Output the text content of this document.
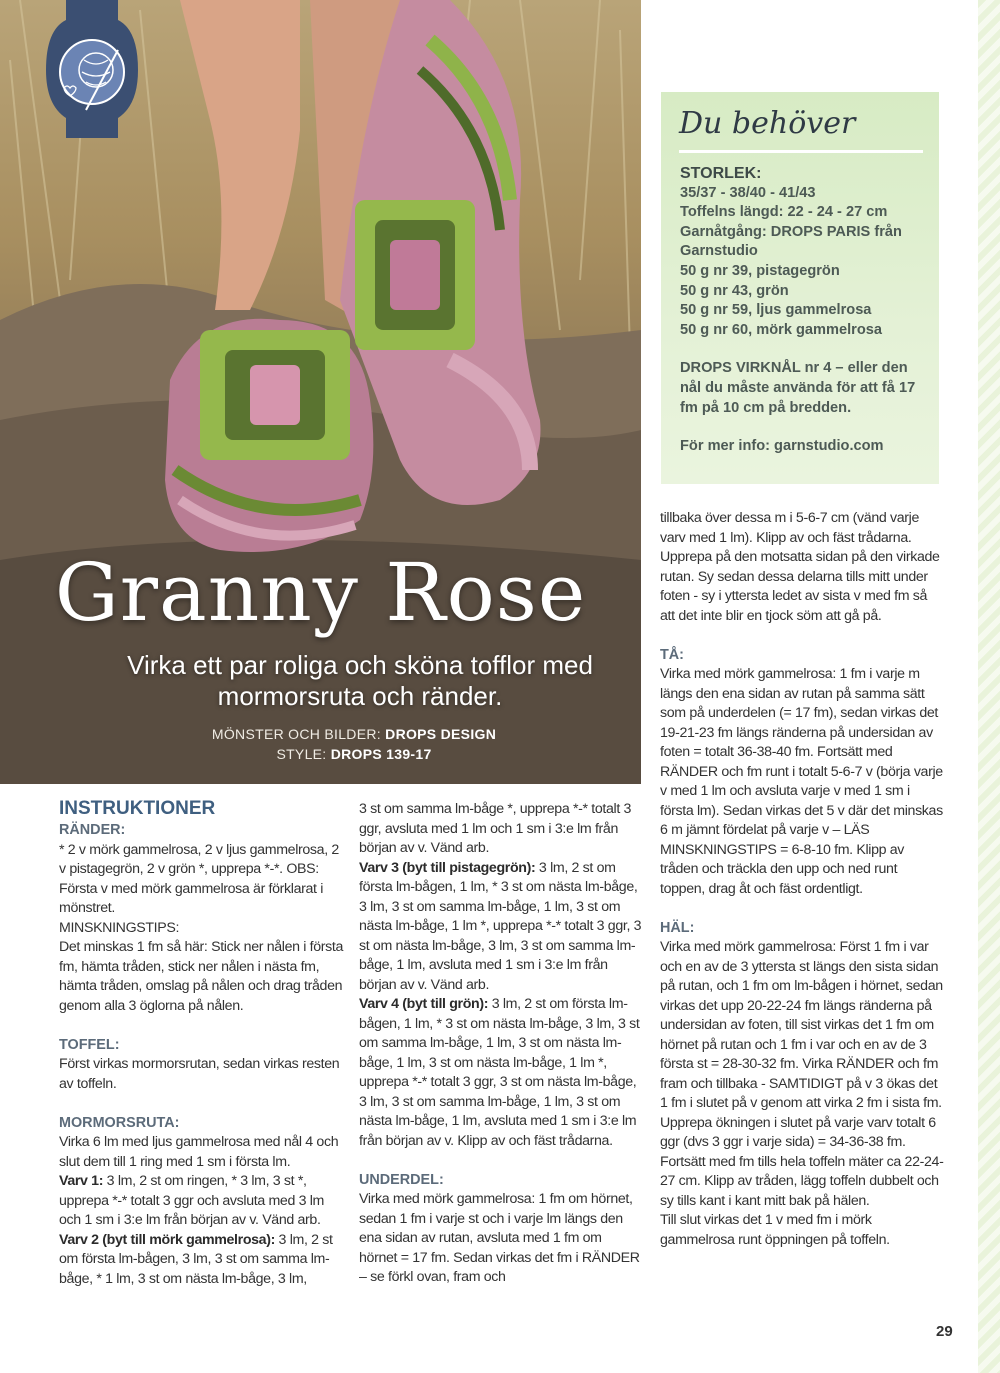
Granny Rose
Virka ett par roliga och sköna tofflor med mormorsruta och ränder.
MÖNSTER OCH BILDER: DROPS DESIGN
STYLE: DROPS 139-17
Du behöver

STORLEK:

35/37 - 38/40 - 41/43

Toffelns längd: 22 - 24 - 27 cm

Garnåtgång: DROPS PARIS från Garnstudio

50 g nr 39, pistagegrön

50 g nr 43, grön

50 g nr 59, ljus gammelrosa

50 g nr 60, mörk gammelrosa

DROPS VIRKNÅL nr 4 – eller den nål du måste använda för att få 17 fm på 10 cm på bredden.

För mer info: garnstudio.com

INSTRUKTIONER

RÄNDER:

* 2 v mörk gammelrosa, 2 v ljus gammelrosa, 2 v pistagegrön, 2 v grön *, upprepa *-*. OBS: Första v med mörk gammelrosa är förklarat i mönstret.

MINSKNINGSTIPS:

Det minskas 1 fm så här: Stick ner nålen i första fm, hämta tråden, stick ner nålen i nästa fm, hämta tråden, omslag på nålen och drag tråden genom alla 3 öglorna på nålen.

TOFFEL:

Först virkas mormorsrutan, sedan virkas resten av toffeln.

MORMORSRUTA:

Virka 6 lm med ljus gammelrosa med nål 4 och slut dem till 1 ring med 1 sm i första lm.

Varv 1: 3 lm, 2 st om ringen, * 3 lm, 3 st *, upprepa *-* totalt 3 ggr och avsluta med 3 lm och 1 sm i 3:e lm från början av v. Vänd arb.

Varv 2 (byt till mörk gammelrosa): 3 lm, 2 st om första lm-bågen, 3 lm, 3 st om samma lm-båge, * 1 lm, 3 st om nästa lm-båge, 3 lm,

3 st om samma lm-båge *, upprepa *-* totalt 3 ggr, avsluta med 1 lm och 1 sm i 3:e lm från början av v. Vänd arb.

Varv 3 (byt till pistagegrön): 3 lm, 2 st om första lm-bågen, 1 lm, * 3 st om nästa lm-båge, 3 lm, 3 st om samma lm-båge, 1 lm, 3 st om nästa lm-båge, 1 lm *, upprepa *-* totalt 3 ggr, 3 st om nästa lm-båge, 3 lm, 3 st om samma lm-båge, 1 lm, avsluta med 1 sm i 3:e lm från början av v. Vänd arb.

Varv 4 (byt till grön): 3 lm, 2 st om första lm-bågen, 1 lm, * 3 st om nästa lm-båge, 3 lm, 3 st om samma lm-båge, 1 lm, 3 st om nästa lm-båge, 1 lm, 3 st om nästa lm-båge, 1 lm *, upprepa *-* totalt 3 ggr, 3 st om nästa lm-båge, 3 lm, 3 st om samma lm-båge, 1 lm, 3 st om nästa lm-båge, 1 lm, avsluta med 1 sm i 3:e lm från början av v. Klipp av och fäst trådarna.

UNDERDEL:

Virka med mörk gammelrosa: 1 fm om hörnet, sedan 1 fm i varje st och i varje lm längs den ena sidan av rutan, avsluta med 1 fm om hörnet = 17 fm. Sedan virkas det fm i RÄNDER – se förkl ovan, fram och

tillbaka över dessa m i 5-6-7 cm (vänd varje varv med 1 lm). Klipp av och fäst trådarna. Upprepa på den motsatta sidan på den virkade rutan. Sy sedan dessa delarna tills mitt under foten - sy i yttersta ledet av sista v med fm så att det inte blir en tjock söm att gå på.

TÅ:

Virka med mörk gammelrosa: 1 fm i varje m längs den ena sidan av rutan på samma sätt som på underdelen (= 17 fm), sedan virkas det 19-21-23 fm längs ränderna på undersidan av foten = totalt 36-38-40 fm. Fortsätt med RÄNDER och fm runt i totalt 5-6-7 v (börja varje v med 1 lm och avsluta varje v med 1 sm i första lm). Sedan virkas det 5 v där det minskas 6 m jämnt fördelat på varje v – LÄS MINSKNINGSTIPS = 6-8-10 fm. Klipp av tråden och träckla den upp och ned runt toppen, drag åt och fäst ordentligt.

HÄL:

Virka med mörk gammelrosa: Först 1 fm i var och en av de 3 yttersta st längs den sista sidan på rutan, och 1 fm om lm-bågen i hörnet, sedan virkas det upp 20-22-24 fm längs ränderna på undersidan av foten, till sist virkas det 1 fm om hörnet på rutan och 1 fm i var och en av de 3 första st = 28-30-32 fm. Virka RÄNDER och fm fram och tillbaka - SAMTIDIGT på v 3 ökas det 1 fm i slutet på v genom att virka 2 fm i sista fm. Upprepa ökningen i slutet på varje varv totalt 6 ggr (dvs 3 ggr i varje sida) = 34-36-38 fm. Fortsätt med fm tills hela toffeln mäter ca 22-24-27 cm. Klipp av tråden, lägg toffeln dubbelt och sy tills kant i kant mitt bak på hälen.

Till slut virkas det 1 v med fm i mörk gammelrosa runt öppningen på toffeln.

29
